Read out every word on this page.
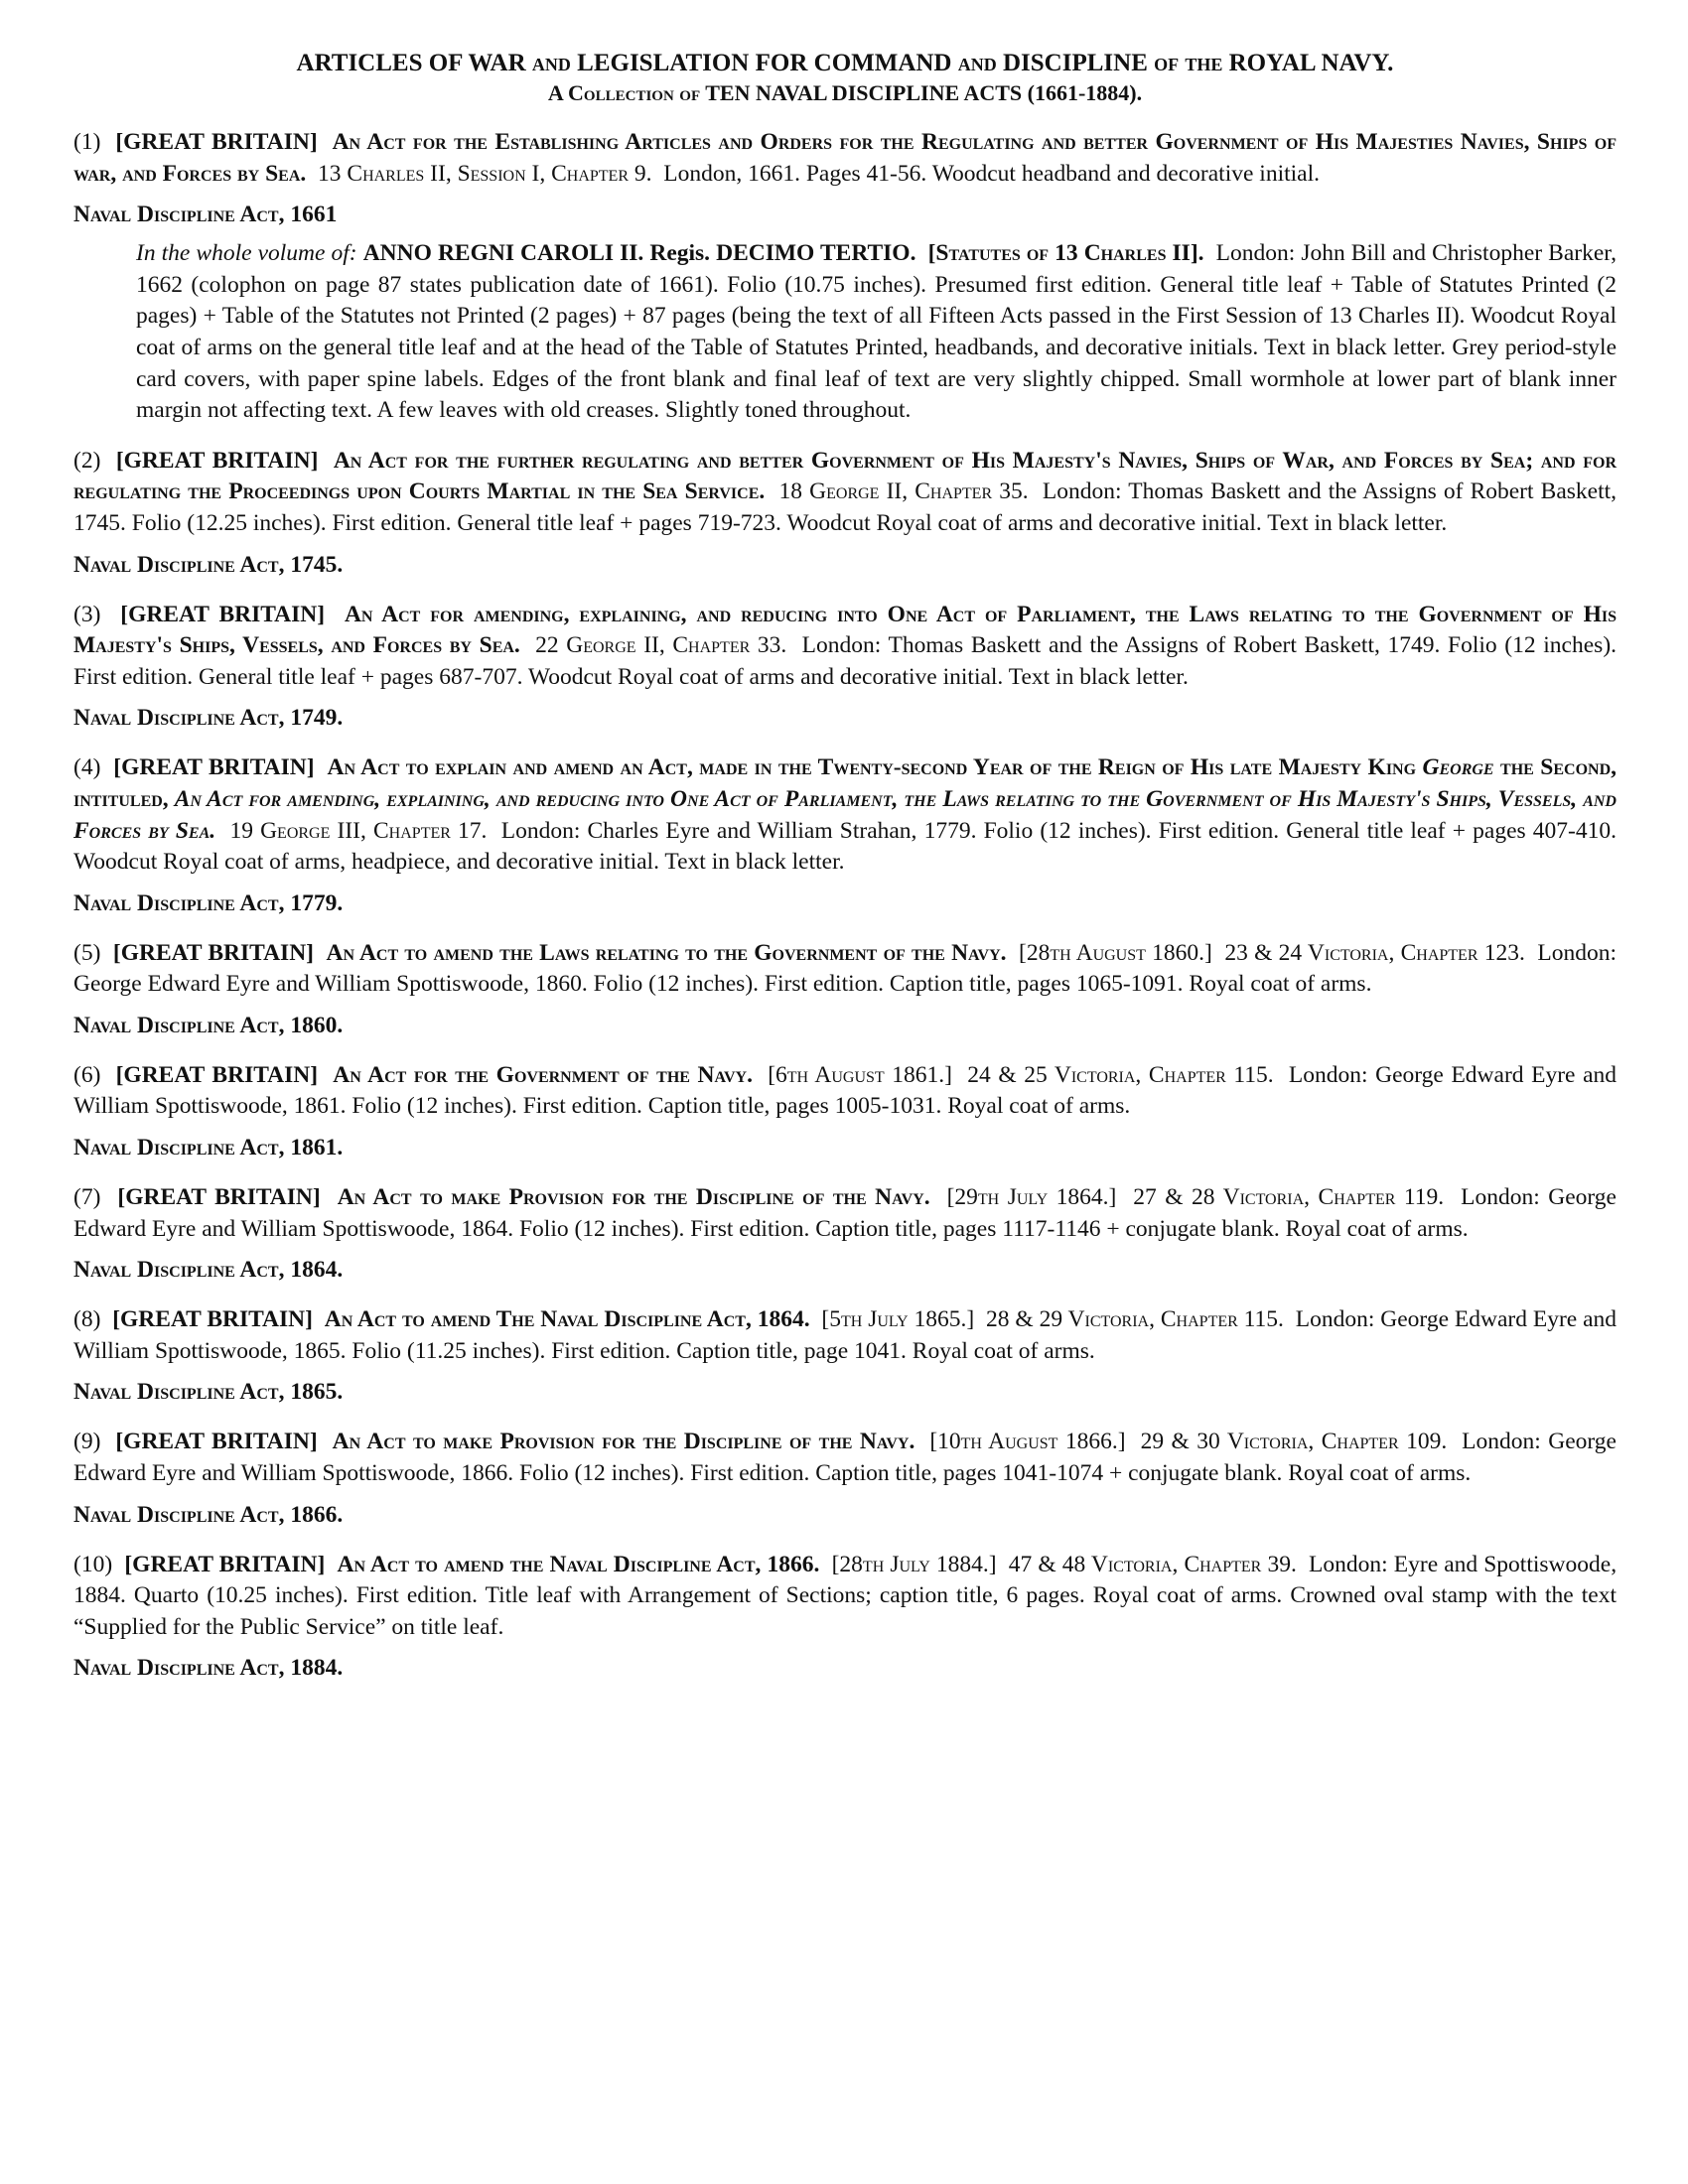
ARTICLES OF WAR and LEGISLATION FOR COMMAND and DISCIPLINE of the ROYAL NAVY.
A Collection of TEN NAVAL DISCIPLINE ACTS (1661-1884).
(1) [GREAT BRITAIN] An Act for the Establishing Articles and Orders for the Regulating and better Government of His Majesties Navies, Ships of war, and Forces by Sea. 13 Charles II, Session I, Chapter 9. London, 1661. Pages 41-56. Woodcut headband and decorative initial.
Naval Discipline Act, 1661
In the whole volume of: ANNO REGNI CAROLI II. Regis. DECIMO TERTIO. [Statutes of 13 Charles II]. London: John Bill and Christopher Barker, 1662 (colophon on page 87 states publication date of 1661). Folio (10.75 inches). Presumed first edition. General title leaf + Table of Statutes Printed (2 pages) + Table of the Statutes not Printed (2 pages) + 87 pages (being the text of all Fifteen Acts passed in the First Session of 13 Charles II). Woodcut Royal coat of arms on the general title leaf and at the head of the Table of Statutes Printed, headbands, and decorative initials. Text in black letter. Grey period-style card covers, with paper spine labels. Edges of the front blank and final leaf of text are very slightly chipped. Small wormhole at lower part of blank inner margin not affecting text. A few leaves with old creases. Slightly toned throughout.
(2) [GREAT BRITAIN] An Act for the further regulating and better Government of His Majesty's Navies, Ships of War, and Forces by Sea; and for regulating the Proceedings upon Courts Martial in the Sea Service. 18 George II, Chapter 35. London: Thomas Baskett and the Assigns of Robert Baskett, 1745. Folio (12.25 inches). First edition. General title leaf + pages 719-723. Woodcut Royal coat of arms and decorative initial. Text in black letter.
Naval Discipline Act, 1745.
(3) [GREAT BRITAIN] An Act for amending, explaining, and reducing into One Act of Parliament, the Laws relating to the Government of His Majesty's Ships, Vessels, and Forces by Sea. 22 George II, Chapter 33. London: Thomas Baskett and the Assigns of Robert Baskett, 1749. Folio (12 inches). First edition. General title leaf + pages 687-707. Woodcut Royal coat of arms and decorative initial. Text in black letter.
Naval Discipline Act, 1749.
(4) [GREAT BRITAIN] An Act to explain and amend an Act, made in the Twenty-second Year of the Reign of His late Majesty King George the Second, intituled, An Act for amending, explaining, and reducing into One Act of Parliament, the Laws relating to the Government of His Majesty's Ships, Vessels, and Forces by Sea. 19 George III, Chapter 17. London: Charles Eyre and William Strahan, 1779. Folio (12 inches). First edition. General title leaf + pages 407-410. Woodcut Royal coat of arms, headpiece, and decorative initial. Text in black letter.
Naval Discipline Act, 1779.
(5) [GREAT BRITAIN] An Act to amend the Laws relating to the Government of the Navy. [28th August 1860.] 23 & 24 Victoria, Chapter 123. London: George Edward Eyre and William Spottiswoode, 1860. Folio (12 inches). First edition. Caption title, pages 1065-1091. Royal coat of arms.
Naval Discipline Act, 1860.
(6) [GREAT BRITAIN] An Act for the Government of the Navy. [6th August 1861.] 24 & 25 Victoria, Chapter 115. London: George Edward Eyre and William Spottiswoode, 1861. Folio (12 inches). First edition. Caption title, pages 1005-1031. Royal coat of arms.
Naval Discipline Act, 1861.
(7) [GREAT BRITAIN] An Act to make Provision for the Discipline of the Navy. [29th July 1864.] 27 & 28 Victoria, Chapter 119. London: George Edward Eyre and William Spottiswoode, 1864. Folio (12 inches). First edition. Caption title, pages 1117-1146 + conjugate blank. Royal coat of arms.
Naval Discipline Act, 1864.
(8) [GREAT BRITAIN] An Act to amend The Naval Discipline Act, 1864. [5th July 1865.] 28 & 29 Victoria, Chapter 115. London: George Edward Eyre and William Spottiswoode, 1865. Folio (11.25 inches). First edition. Caption title, page 1041. Royal coat of arms.
Naval Discipline Act, 1865.
(9) [GREAT BRITAIN] An Act to make Provision for the Discipline of the Navy. [10th August 1866.] 29 & 30 Victoria, Chapter 109. London: George Edward Eyre and William Spottiswoode, 1866. Folio (12 inches). First edition. Caption title, pages 1041-1074 + conjugate blank. Royal coat of arms.
Naval Discipline Act, 1866.
(10) [GREAT BRITAIN] An Act to amend the Naval Discipline Act, 1866. [28th July 1884.] 47 & 48 Victoria, Chapter 39. London: Eyre and Spottiswoode, 1884. Quarto (10.25 inches). First edition. Title leaf with Arrangement of Sections; caption title, 6 pages. Royal coat of arms. Crowned oval stamp with the text “Supplied for the Public Service” on title leaf.
Naval Discipline Act, 1884.
